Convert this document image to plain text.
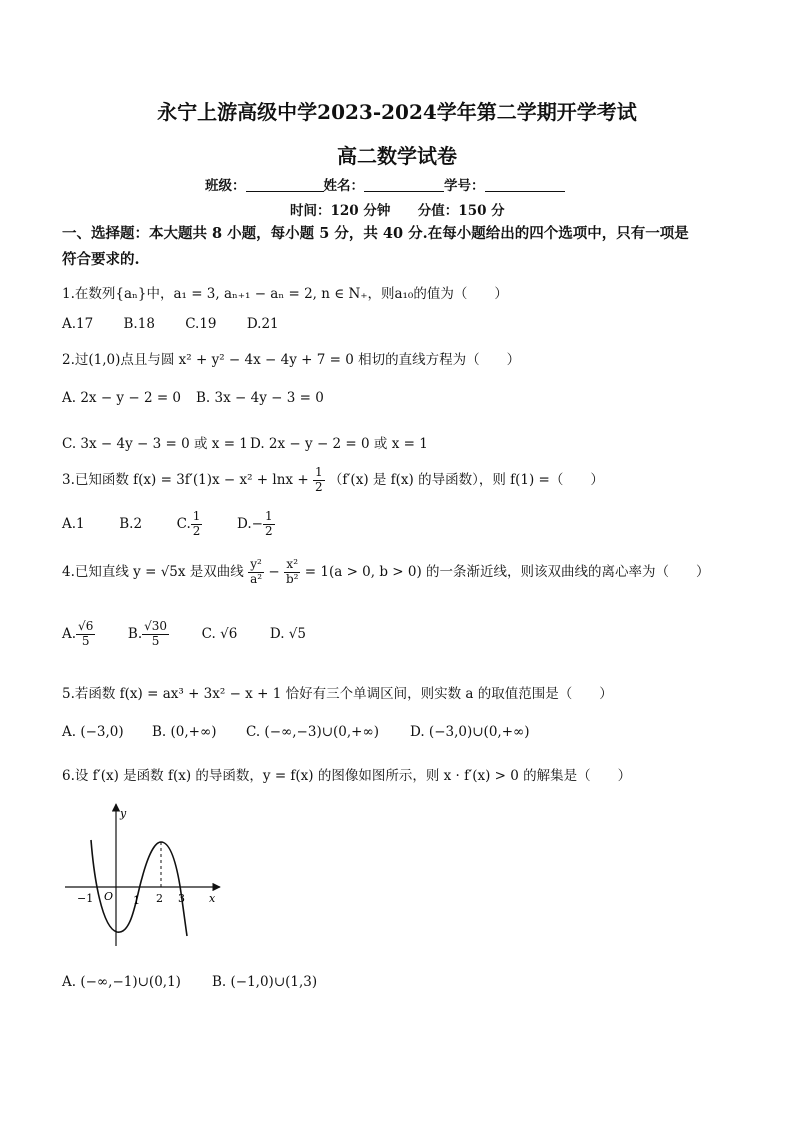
永宁上游高级中学2023-2024学年第二学期开学考试
高二数学试卷
班级：	姓名：	学号：
时间：120 分钟 分值：150 分
一、选择题：本大题共 8 小题，每小题 5 分，共 40 分.在每小题给出的四个选项中，只有一项是
符合要求的.
1.在数列{aₙ}中，a₁ = 3, aₙ₊₁ − aₙ = 2, n ∈ N₊，则a₁₀的值为（　　）
A.17 B.18 C.19 D.21
2.过(1,0)点且与圆 x² + y² − 4x − 4y + 7 = 0 相切的直线方程为（　　）
A. 2x − y − 2 = 0 B. 3x − 4y − 3 = 0
C. 3x − 4y − 3 = 0 或 x = 1 D. 2x − y − 2 = 0 或 x = 1
3.已知函数 $f(x) = 3f'(1)x - x^2 + \ln x + \frac{1}{2} (f'(x)$ 是 f(x) 的导函数），则 f(1) =（　　）
A.1	B.2	C. $\frac{1}{2}$	$D.- \frac{1}{2}$
4.已知直线 y = √5x 是双曲线 $\frac{\text{y²}}{\text{a²}} - \frac{\text{x²}}{\text{b²}} = 1(a > 0$, b > 0) 的一条渐近线，则该双曲线的离心率为（　　）
A. $\frac{√6}{5} B$. $\frac{√30}{5} C$. √6 D. √5
5.若函数 f(x) = ax³ + 3x² − x + 1 恰好有三个单调区间，则实数 a 的取值范围是（　　）
A. (−3,0) B. (0,+∞) C. (−∞,−3)∪(0,+∞) D. (−3,0)∪(0,+∞)
6.设 f′(x) 是函数 f(x) 的导函数，y = f(x) 的图像如图所示，则 x · f′(x) > 0 的解集是（　　）
y
x
O
−1	1 2 3
A. (−∞,−1)∪(0,1) B. (−1,0)∪(1,3)
